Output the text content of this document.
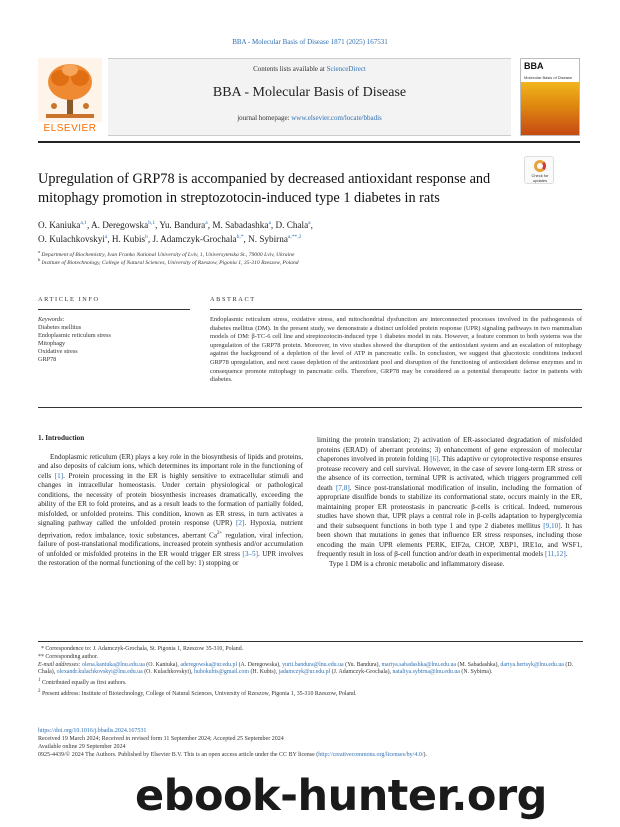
BBA - Molecular Basis of Disease 1871 (2025) 167531
ELSEVIER
Contents lists available at ScienceDirect
BBA - Molecular Basis of Disease
journal homepage: www.elsevier.com/locate/bbadis
BBA
Molecular Basis of Disease
Check for updates
Upregulation of GRP78 is accompanied by decreased antioxidant response and mitophagy promotion in streptozotocin-induced type 1 diabetes in rats
O. Kaniuka$^{a,1}$, A. Deregowska$^{b,1}$, Yu. Bandura$^a$, M. Sabadashka$^a$, D. Chala$^a$,
O. Kulachkovskyi$^a$, H. Kubis$^b$, J. Adamczyk-Grochala$^{b,*}$, N. Sybirna$^{a,**,2}$
$^a$ Department of Biochemistry, Ivan Franko National University of Lviv, 1, Universytetska St., 79000 Lviv, Ukraine
$^b$ Institute of Biotechnology, College of Natural Sciences, University of Rzeszow, Pigonia 1, 35-310 Rzeszow, Poland
ARTICLE INFO	ABSTRACT
Keywords:
Diabetes mellitus
Endoplasmic reticulum stress
Mitophagy
Oxidative stress
GRP78
Endoplasmic reticulum stress, oxidative stress, and mitochondrial dysfunction are interconnected processes involved in the pathogenesis of diabetes mellitus (DM). In the present study, we demonstrate a distinct unfolded protein response (UPR) signaling pathways in two mammalian models of DM: β-TC-6 cell line and streptozotocin-induced type 1 diabetes model in rats. However, a feature common to both systems was the upregulation of the GRP78 protein. Moreover, in vivo studies showed the disruption of the antioxidant system and an escalation of mitophagy against the background of a depletion of the level of ATP in pancreatic cells. In conclusion, we suggest that glucotoxic conditions induced GRP78 upregulation, and next cause depletion of the antioxidant pool and disruption of the functioning of antioxidant defense enzymes and in consequence promote mitophagy in pancreatic cells. Therefore, GRP78 may be considered as a potential therapeutic factor in patients with diabetes.
1. Introduction

Endoplasmic reticulum (ER) plays a key role in the biosynthesis of lipids and proteins, and also deposits of calcium ions, which determines its important role in the functioning of cells [1]. Protein processing in the ER is highly sensitive to extracellular stimuli and changes in intracellular homeostasis. Under certain physiological or pathological conditions, the necessity of protein biosynthesis increases dramatically, exceeding the ability of the ER to fold proteins, and as a result leads to the formation of partially folded, misfolded, or unfolded proteins. This condition, known as ER stress, in turn activates a signaling pathway called the unfolded protein response (UPR) [2]. Hypoxia, nutrient deprivation, redox imbalance, toxic substances, aberrant $Ca^{2+}$ regulation, viral infection, failure of post-translational modifications, increased protein synthesis and/or accumulation of unfolded or misfolded proteins in the ER would trigger ER stress [3–5]. UPR involves the restoration of the normal functioning of the cell by: 1) stopping or

limiting the protein translation; 2) activation of ER-associated degradation of misfolded proteins (ERAD) of aberrant proteins; 3) enhancement of gene expression of molecular chaperones involved in protein folding [6]. This adaptive or cytoprotective response ensures protease recovery and cell survival. However, in the case of severe long-term ER stress or the absence of its correction, terminal UPR is activated, which triggers programmed cell death [7,8]. Since post-translational modification of insulin, including the formation of appropriate disulfide bonds to stabilize its conformational state, occurs mainly in the ER, maintaining proper ER proteostasis in pancreatic β-cells is critical. Indeed, numerous studies have shown that, UPR plays a central role in β-cells adaptation to hyperglycemia and their subsequent functions in both type 1 and type 2 diabetes mellitus [9,10]. It has been shown that mutations in genes that influence ER stress responses, including those encoding the main UPR elements PERK, EIF2α, CHOP, XBP1, IRE1α, and WSF1, frequently result in loss of β-cell function and/or death in experimental models [11,12].

Type 1 DM is a chronic metabolic and inflammatory disease.

* Correspondence to: J. Adamczyk-Grochala, St. Pigonia 1, Rzeszow 35-310, Poland.
** Corresponding author.
E-mail addresses: olena.kaniuka@lnu.edu.ua (O. Kaniuka), aderegowska@ur.edu.pl (A. Deregowska), yurii.bandura@lnu.edu.ua (Yu. Bandura), mariya.sabadashka@lnu.edu.ua (M. Sabadashka), dariya.hertsyk@lnu.edu.ua (D. Chala), olexandr.kulachkovskyi@lnu.edu.ua (O. Kulachkovskyi), hubokubis@gmail.com (H. Kubis), jadamczyk@ur.edu.pl (J. Adamczyk-Grochala), nataliya.sybirna@lnu.edu.ua (N. Sybirna).
$^1$ Contributed equally as first authors.
$^2$ Present address: Institute of Biotechnology, College of Natural Sciences, University of Rzeszow, Pigonia 1, 35-310 Rzeszow, Poland.
https://doi.org/10.1016/j.bbadis.2024.167531
Received 19 March 2024; Received in revised form 11 September 2024; Accepted 25 September 2024
Available online 29 September 2024
0925-4439/© 2024 The Authors. Published by Elsevier B.V. This is an open access article under the CC BY license (http://creativecommons.org/licenses/by/4.0/).
ebook-hunter.org
